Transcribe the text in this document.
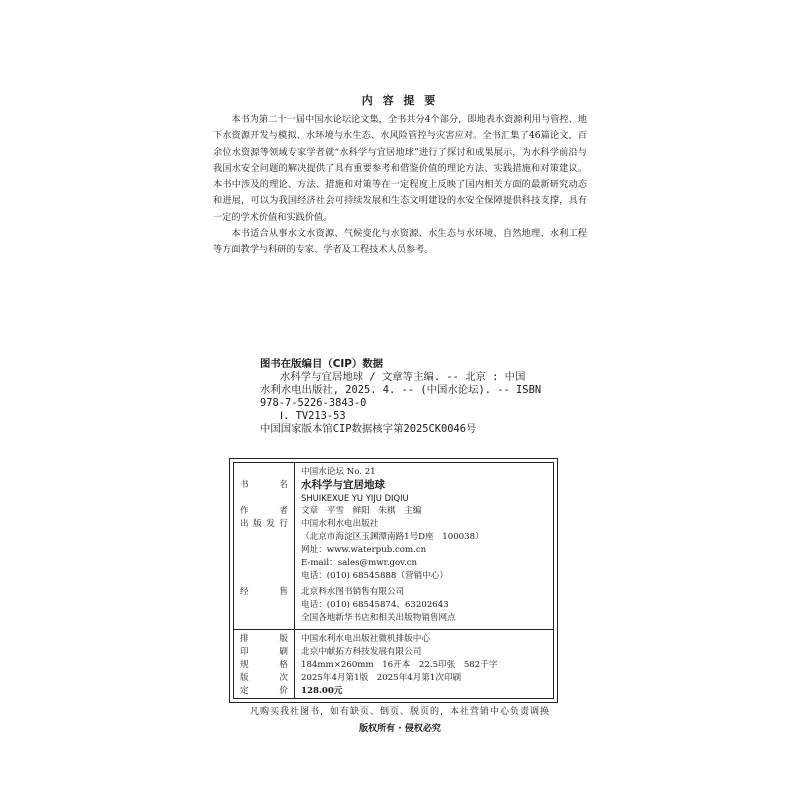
内 容 提 要

本书为第二十一届中国水论坛论文集，全书共分4个部分，即地表水资源利用与管控、地下水资源开发与模拟、水环境与水生态、水风险管控与灾害应对。全书汇集了46篇论文，百余位水资源等领域专家学者就“水科学与宜居地球”进行了探讨和成果展示，为水科学前沿与我国水安全问题的解决提供了具有重要参考和借鉴价值的理论方法、实践措施和对策建议。本书中涉及的理论、方法、措施和对策等在一定程度上反映了国内相关方面的最新研究动态和进展，可以为我国经济社会可持续发展和生态文明建设的水安全保障提供科技支撑，具有一定的学术价值和实践价值。

本书适合从事水文水资源、气候变化与水资源、水生态与水环境、自然地理、水利工程等方面教学与科研的专家、学者及工程技术人员参考。

图书在版编目（CIP）数据
水科学与宜居地球 / 文章等主编. -- 北京 : 中国
水利水电出版社, 2025. 4. -- (中国水论坛). -- ISBN
978-7-5226-3843-0
Ⅰ. TV213-53
中国国家版本馆CIP数据核字第2025CK0046号
中国水论坛 No. 21
书	名 水科学与宜居地球
SHUIKEXUE YU YIJU DIQIU
作	者 文章　平雪　鲜阳　朱棋　主编
出 版 发 行 中国水利水电出版社
（北京市海淀区玉渊潭南路1号D座　100038）
网址：www.waterpub.com.cn
E-mail：sales@mwr.gov.cn
电话：(010) 68545888（营销中心）
经	售 北京科水图书销售有限公司
电话：(010) 68545874、63202643
全国各地新华书店和相关出版物销售网点
排	版 中国水利水电出版社微机排版中心
印	刷 北京中献拓方科技发展有限公司
规	格 184mm×260mm　16开本　22.5印张　582千字
版	次 2025年4月第1版　2025年4月第1次印刷
定	价 128.00元
凡购买我社图书，如有缺页、倒页、脱页的，本社营销中心负责调换
版权所有 · 侵权必究
